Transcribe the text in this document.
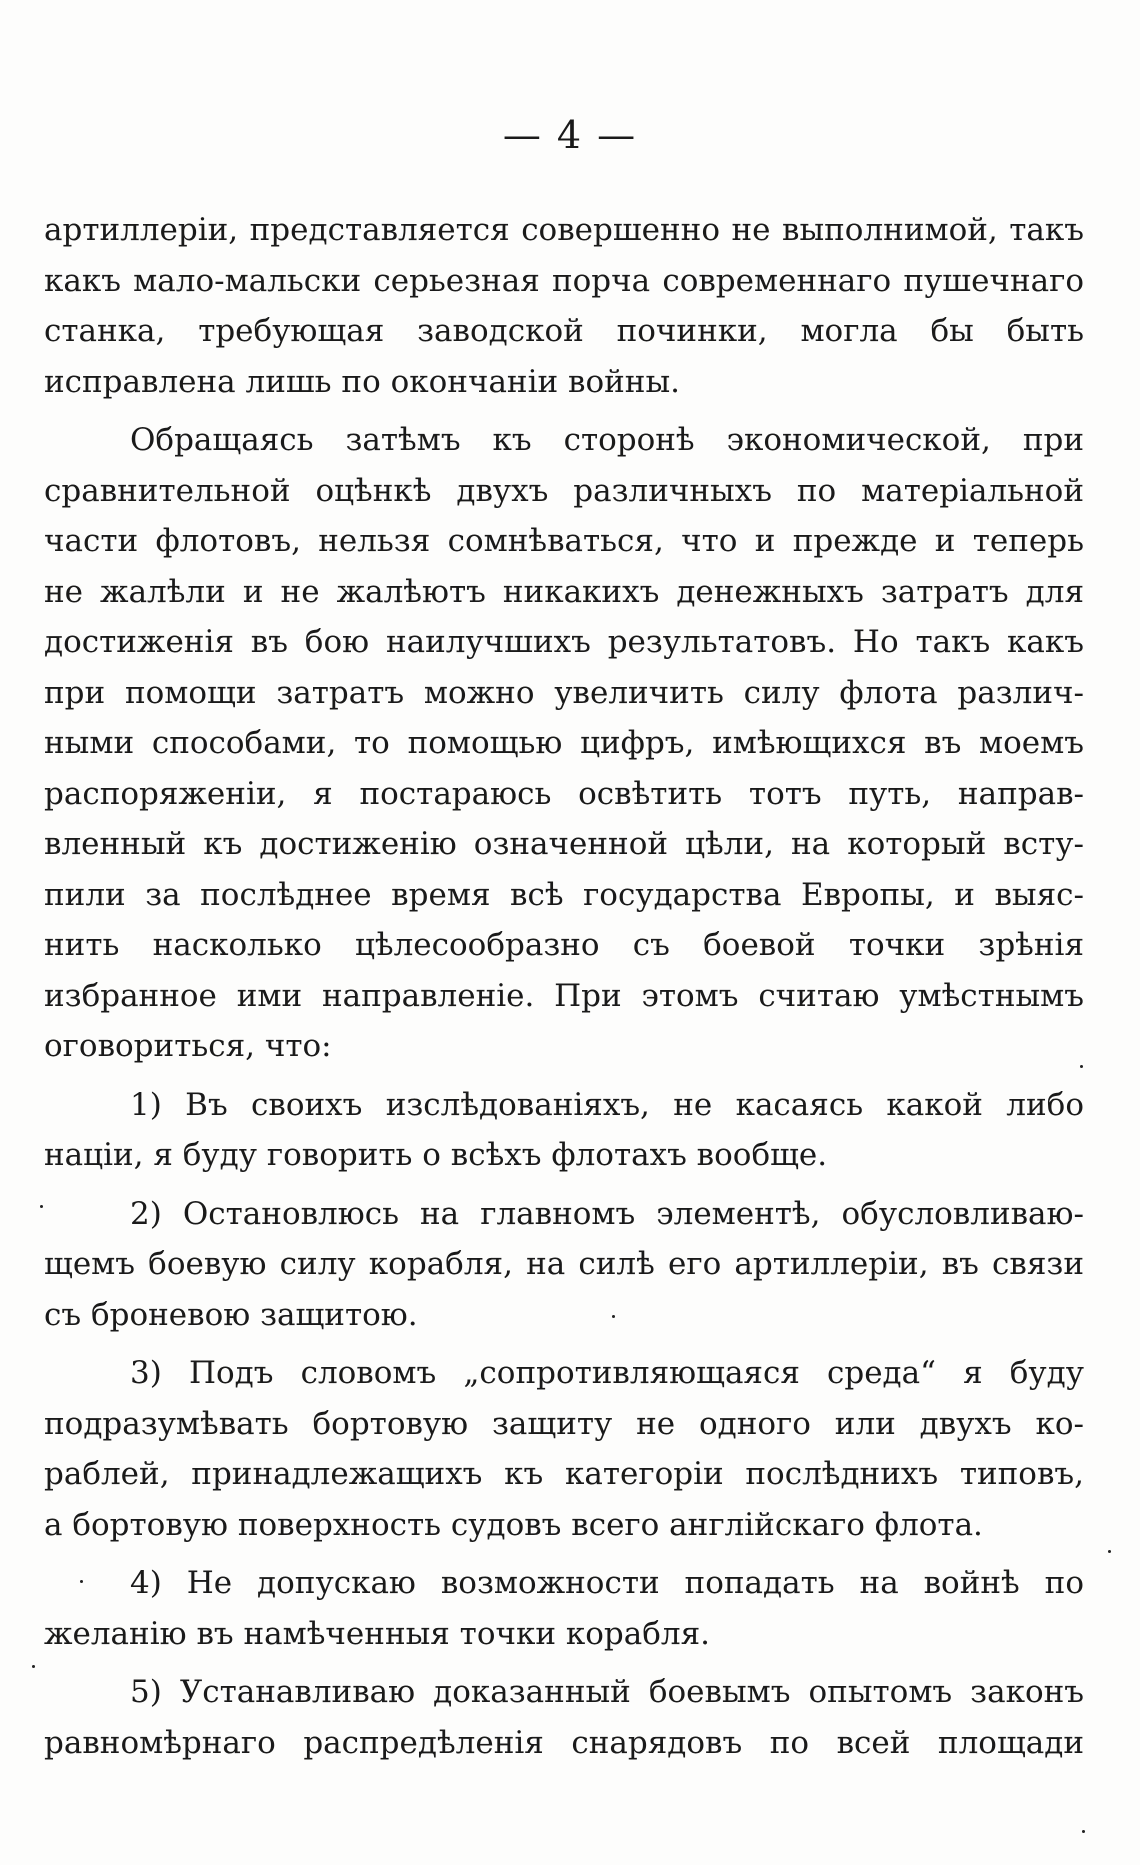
— 4 —
артиллеріи, представляется совершенно не выполнимой, такъ
какъ мало-мальски серьезная порча современнаго пушечнаго
станка, требующая заводской починки, могла бы быть
исправлена лишь по окончаніи войны.
Обращаясь затѣмъ къ сторонѣ экономической, при
сравнительной оцѣнкѣ двухъ различныхъ по матеріальной
части флотовъ, нельзя сомнѣваться, что и прежде и теперь
не жалѣли и не жалѣютъ никакихъ денежныхъ затратъ для
достиженія въ бою наилучшихъ результатовъ. Но такъ какъ
при помощи затратъ можно увеличить силу флота различ-
ными способами, то помощью цифръ, имѣющихся въ моемъ
распоряженіи, я постараюсь освѣтить тотъ путь, направ-
вленный къ достиженію означенной цѣли, на который всту-
пили за послѣднее время всѣ государства Европы, и выяс-
нить насколько цѣлесообразно съ боевой точки зрѣнія
избранное ими направленіе. При этомъ считаю умѣстнымъ
оговориться, что:
1) Въ своихъ изслѣдованіяхъ, не касаясь какой либо
націи, я буду говорить о всѣхъ флотахъ вообще.
2) Остановлюсь на главномъ элементѣ, обусловливаю-
щемъ боевую силу корабля, на силѣ его артиллеріи, въ связи
съ броневою защитою.
3) Подъ словомъ „сопротивляющаяся среда“ я буду
подразумѣвать бортовую защиту не одного или двухъ ко-
раблей, принадлежащихъ къ категоріи послѣднихъ типовъ,
а бортовую поверхность судовъ всего англійскаго флота.
4) Не допускаю возможности попадать на войнѣ по
желанію въ намѣченныя точки корабля.
5) Устанавливаю доказанный боевымъ опытомъ законъ
равномѣрнаго распредѣленія снарядовъ по всей площади
